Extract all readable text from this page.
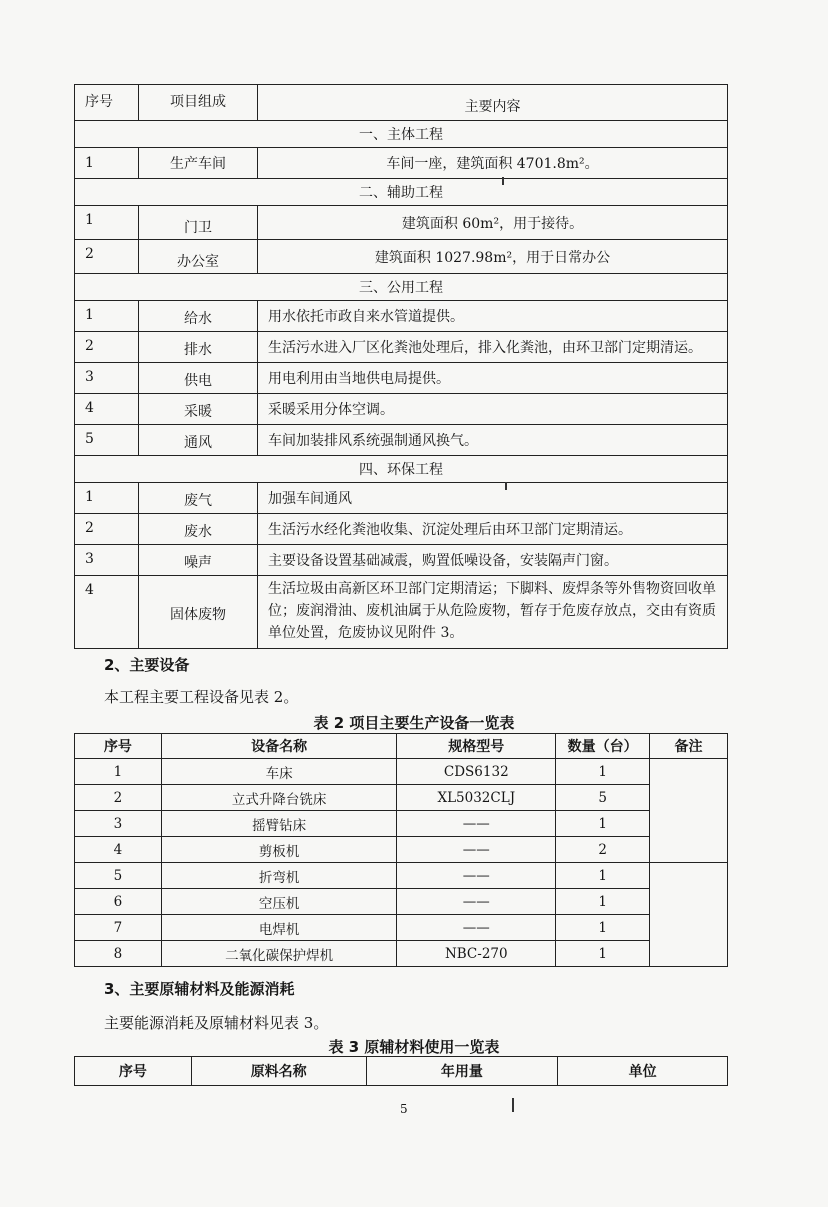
序号	项目组成	主要内容
一、主体工程		
1	生产车间	车间一座，建筑面积 4701.8m²。
二、辅助工程		
1	门卫	建筑面积 60m²，用于接待。
2	办公室	建筑面积 1027.98m²，用于日常办公
三、公用工程		
1	给水	用水依托市政自来水管道提供。
2	排水	生活污水进入厂区化粪池处理后，排入化粪池，由环卫部门定期清运。
3	供电	用电利用由当地供电局提供。
4	采暖	采暖采用分体空调。
5	通风	车间加装排风系统强制通风换气。
四、环保工程		
1	废气	加强车间通风
2	废水	生活污水经化粪池收集、沉淀处理后由环卫部门定期清运。
3	噪声	主要设备设置基础减震，购置低噪设备，安装隔声门窗。
4	固体废物	生活垃圾由高新区环卫部门定期清运；下脚料、废焊条等外售物资回收单位；废润滑油、废机油属于从危险废物，暂存于危废存放点，交由有资质单位处置，危废协议见附件 3。
2、主要设备
本工程主要工程设备见表 2。
表 2 项目主要生产设备一览表
序号	设备名称	规格型号	数量（台）	备注
1	车床	CDS6132	1	
2	立式升降台铣床	XL5032CLJ	5	
3	摇臂钻床	——	1	
4	剪板机	——	2	
5	折弯机	——	1	
6	空压机	——	1	
7	电焊机	——	1	
8	二氧化碳保护焊机	NBC-270	1	
3、主要原辅材料及能源消耗
主要能源消耗及原辅材料见表 3。
表 3 原辅材料使用一览表
序号	原料名称	年用量	单位
5
